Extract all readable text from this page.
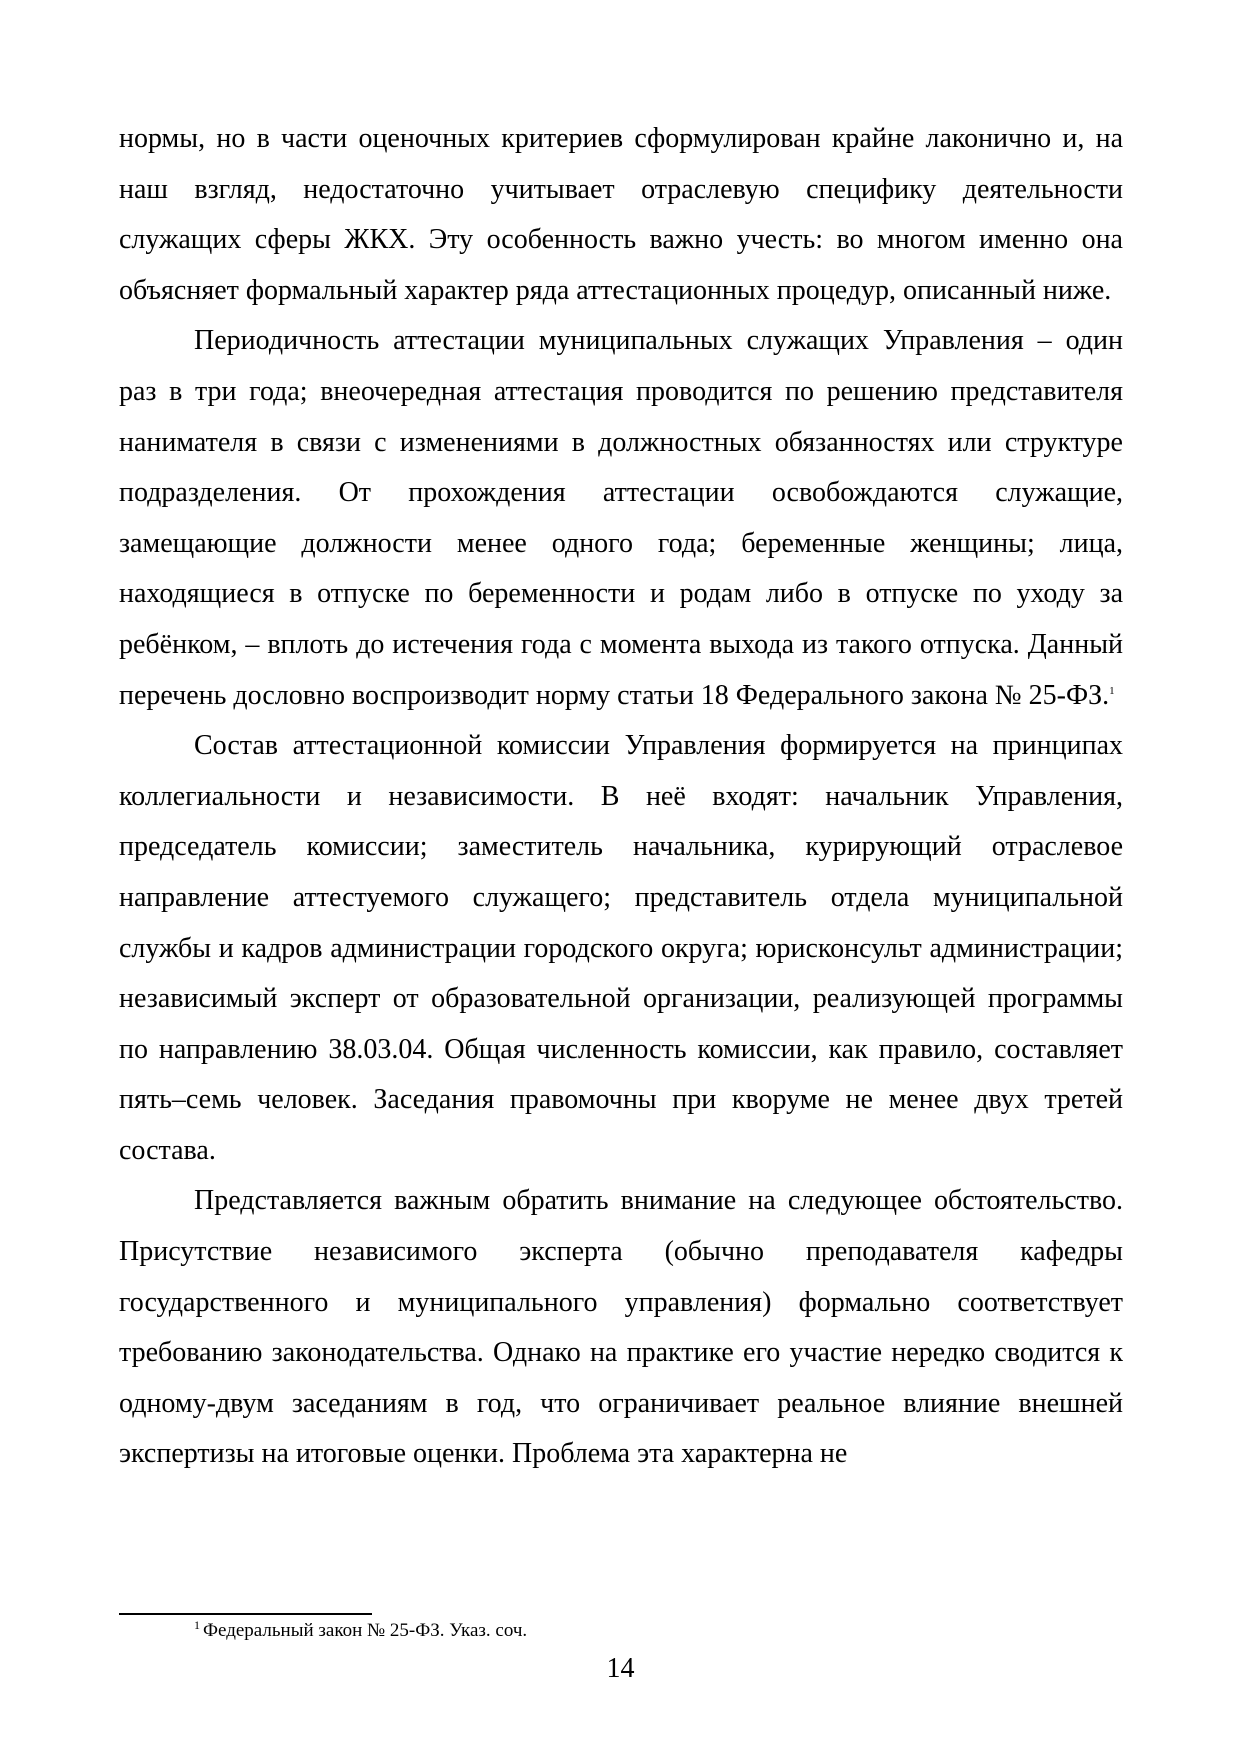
нормы, но в части оценочных критериев сформулирован крайне лаконично и, на наш взгляд, недостаточно учитывает отраслевую специфику деятельности служащих сферы ЖКХ. Эту особенность важно учесть: во многом именно она объясняет формальный характер ряда аттестационных процедур, описанный ниже.

Периодичность аттестации муниципальных служащих Управления – один раз в три года; внеочередная аттестация проводится по решению представителя нанимателя в связи с изменениями в должностных обязанностях или структуре подразделения. От прохождения аттестации освобождаются служащие, замещающие должности менее одного года; беременные женщины; лица, находящиеся в отпуске по беременности и родам либо в отпуске по уходу за ребёнком, – вплоть до истечения года с момента выхода из такого отпуска. Данный перечень дословно воспроизводит норму статьи 18 Федерального закона № 25-ФЗ.$^1$

Состав аттестационной комиссии Управления формируется на принципах коллегиальности и независимости. В неё входят: начальник Управления, председатель комиссии; заместитель начальника, курирующий отраслевое направление аттестуемого служащего; представитель отдела муниципальной службы и кадров администрации городского округа; юрисконсульт администрации; независимый эксперт от образовательной организации, реализующей программы по направлению 38.03.04. Общая численность комиссии, как правило, составляет пять–семь человек. Заседания правомочны при кворуме не менее двух третей состава.

Представляется важным обратить внимание на следующее обстоятельство. Присутствие независимого эксперта (обычно преподавателя кафедры государственного и муниципального управления) формально соответствует требованию законодательства. Однако на практике его участие нередко сводится к одному-двум заседаниям в год, что ограничивает реальное влияние внешней экспертизы на итоговые оценки. Проблема эта характерна не

$^1$ Федеральный закон № 25-ФЗ. Указ. соч.
14
